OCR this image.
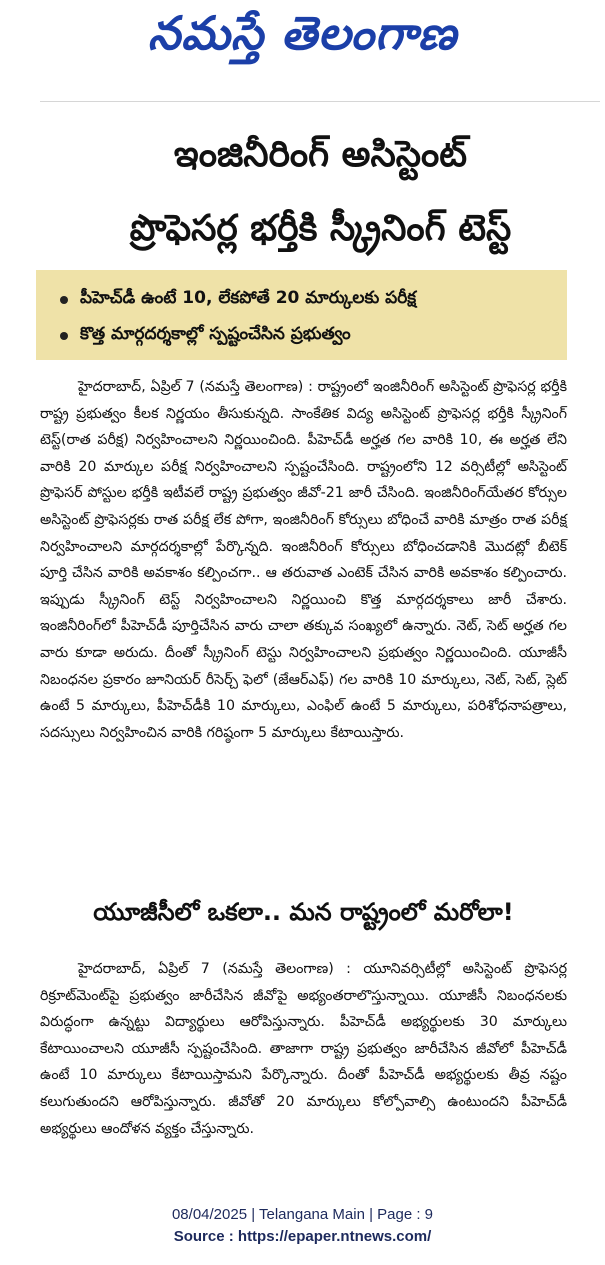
నమస్తే తెలంగాణ
ఇంజినీరింగ్ అసిస్టెంట్
ప్రొఫెసర్ల భర్తీకి స్క్రీనింగ్ టెస్ట్
పీహెచ్‌డీ ఉంటే 10, లేకపోతే 20 మార్కులకు పరీక్ష
కొత్త మార్గదర్శకాల్లో స్పష్టంచేసిన ప్రభుత్వం

హైదరాబాద్, ఏప్రిల్ 7 (నమస్తే తెలంగాణ) : రాష్ట్రంలో ఇంజినీరింగ్ అసిస్టెంట్ ప్రొఫెసర్ల భర్తీకి రాష్ట్ర ప్రభుత్వం కీలక నిర్ణయం తీసుకున్నది. సాంకేతిక విద్య అసిస్టెంట్ ప్రొఫెసర్ల భర్తీకి స్క్రీనింగ్ టెస్ట్(రాత పరీక్ష) నిర్వహించాలని నిర్ణయించింది. పీహెచ్‌డీ అర్హత గల వారికి 10, ఈ అర్హత లేని వారికి 20 మార్కుల పరీక్ష నిర్వహించాలని స్పష్టంచేసింది. రాష్ట్రంలోని 12 వర్సిటీల్లో అసిస్టెంట్ ప్రొఫెసర్ పోస్టుల భర్తీకి ఇటీవలే రాష్ట్ర ప్రభుత్వం జీవో-21 జారీ చేసింది. ఇంజినీరింగ్‌యేతర కోర్సుల అసిస్టెంట్ ప్రొఫెసర్లకు రాత పరీక్ష లేక పోగా, ఇంజినీరింగ్ కోర్సులు బోధించే వారికి మాత్రం రాత పరీక్ష నిర్వహించాలని మార్గదర్శకాల్లో పేర్కొన్నది. ఇంజినీరింగ్ కోర్సులు బోధించడానికి మొదట్లో బీటెక్ పూర్తి చేసిన వారికి అవకాశం కల్పించగా.. ఆ తరువాత ఎంటెక్ చేసిన వారికి అవకాశం కల్పించారు. ఇప్పుడు స్క్రీనింగ్ టెస్ట్ నిర్వహించాలని నిర్ణయించి కొత్త మార్గదర్శకాలు జారీ చేశారు. ఇంజినీరింగ్‌లో పీహెచ్‌డీ పూర్తిచేసిన వారు చాలా తక్కువ సంఖ్యలో ఉన్నారు. నెట్, సెట్ అర్హత గల వారు కూడా అరుదు. దీంతో స్క్రీనింగ్ టెస్టు నిర్వహించాలని ప్రభుత్వం నిర్ణయించింది. యూజీసీ నిబంధనల ప్రకారం జూనియర్ రీసెర్చ్ ఫెలో (జేఆర్‌ఎఫ్) గల వారికి 10 మార్కులు, నెట్, సెట్, స్లెట్ ఉంటే 5 మార్కులు, పీహెచ్‌డీకి 10 మార్కులు, ఎంఫిల్ ఉంటే 5 మార్కులు, పరిశోధనాపత్రాలు, సదస్సులు నిర్వహించిన వారికి గరిష్ఠంగా 5 మార్కులు కేటాయిస్తారు.

యూజీసీలో ఒకలా.. మన రాష్ట్రంలో మరోలా!

హైదరాబాద్, ఏప్రిల్ 7 (నమస్తే తెలంగాణ) : యూనివర్సిటీల్లో అసిస్టెంట్ ప్రొఫెసర్ల రిక్రూట్‌మెంట్‌పై ప్రభుత్వం జారీచేసిన జీవోపై అభ్యంతరాలొస్తున్నాయి. యూజీసీ నిబంధనలకు విరుద్ధంగా ఉన్నట్టు విద్యార్థులు ఆరోపిస్తున్నారు. పీహెచ్‌డీ అభ్యర్థులకు 30 మార్కులు కేటాయించాలని యూజీసీ స్పష్టంచేసింది. తాజాగా రాష్ట్ర ప్రభుత్వం జారీచేసిన జీవోలో పీహెచ్‌డీ ఉంటే 10 మార్కులు కేటాయిస్తామని పేర్కొన్నారు. దీంతో పీహెచ్‌డీ అభ్యర్థులకు తీవ్ర నష్టం కలుగుతుందని ఆరోపిస్తున్నారు. జీవోతో 20 మార్కులు కోల్పోవాల్సి ఉంటుందని పీహెచ్‌డీ అభ్యర్థులు ఆందోళన వ్యక్తం చేస్తున్నారు.

08/04/2025 | Telangana Main | Page : 9
Source : https://epaper.ntnews.com/
